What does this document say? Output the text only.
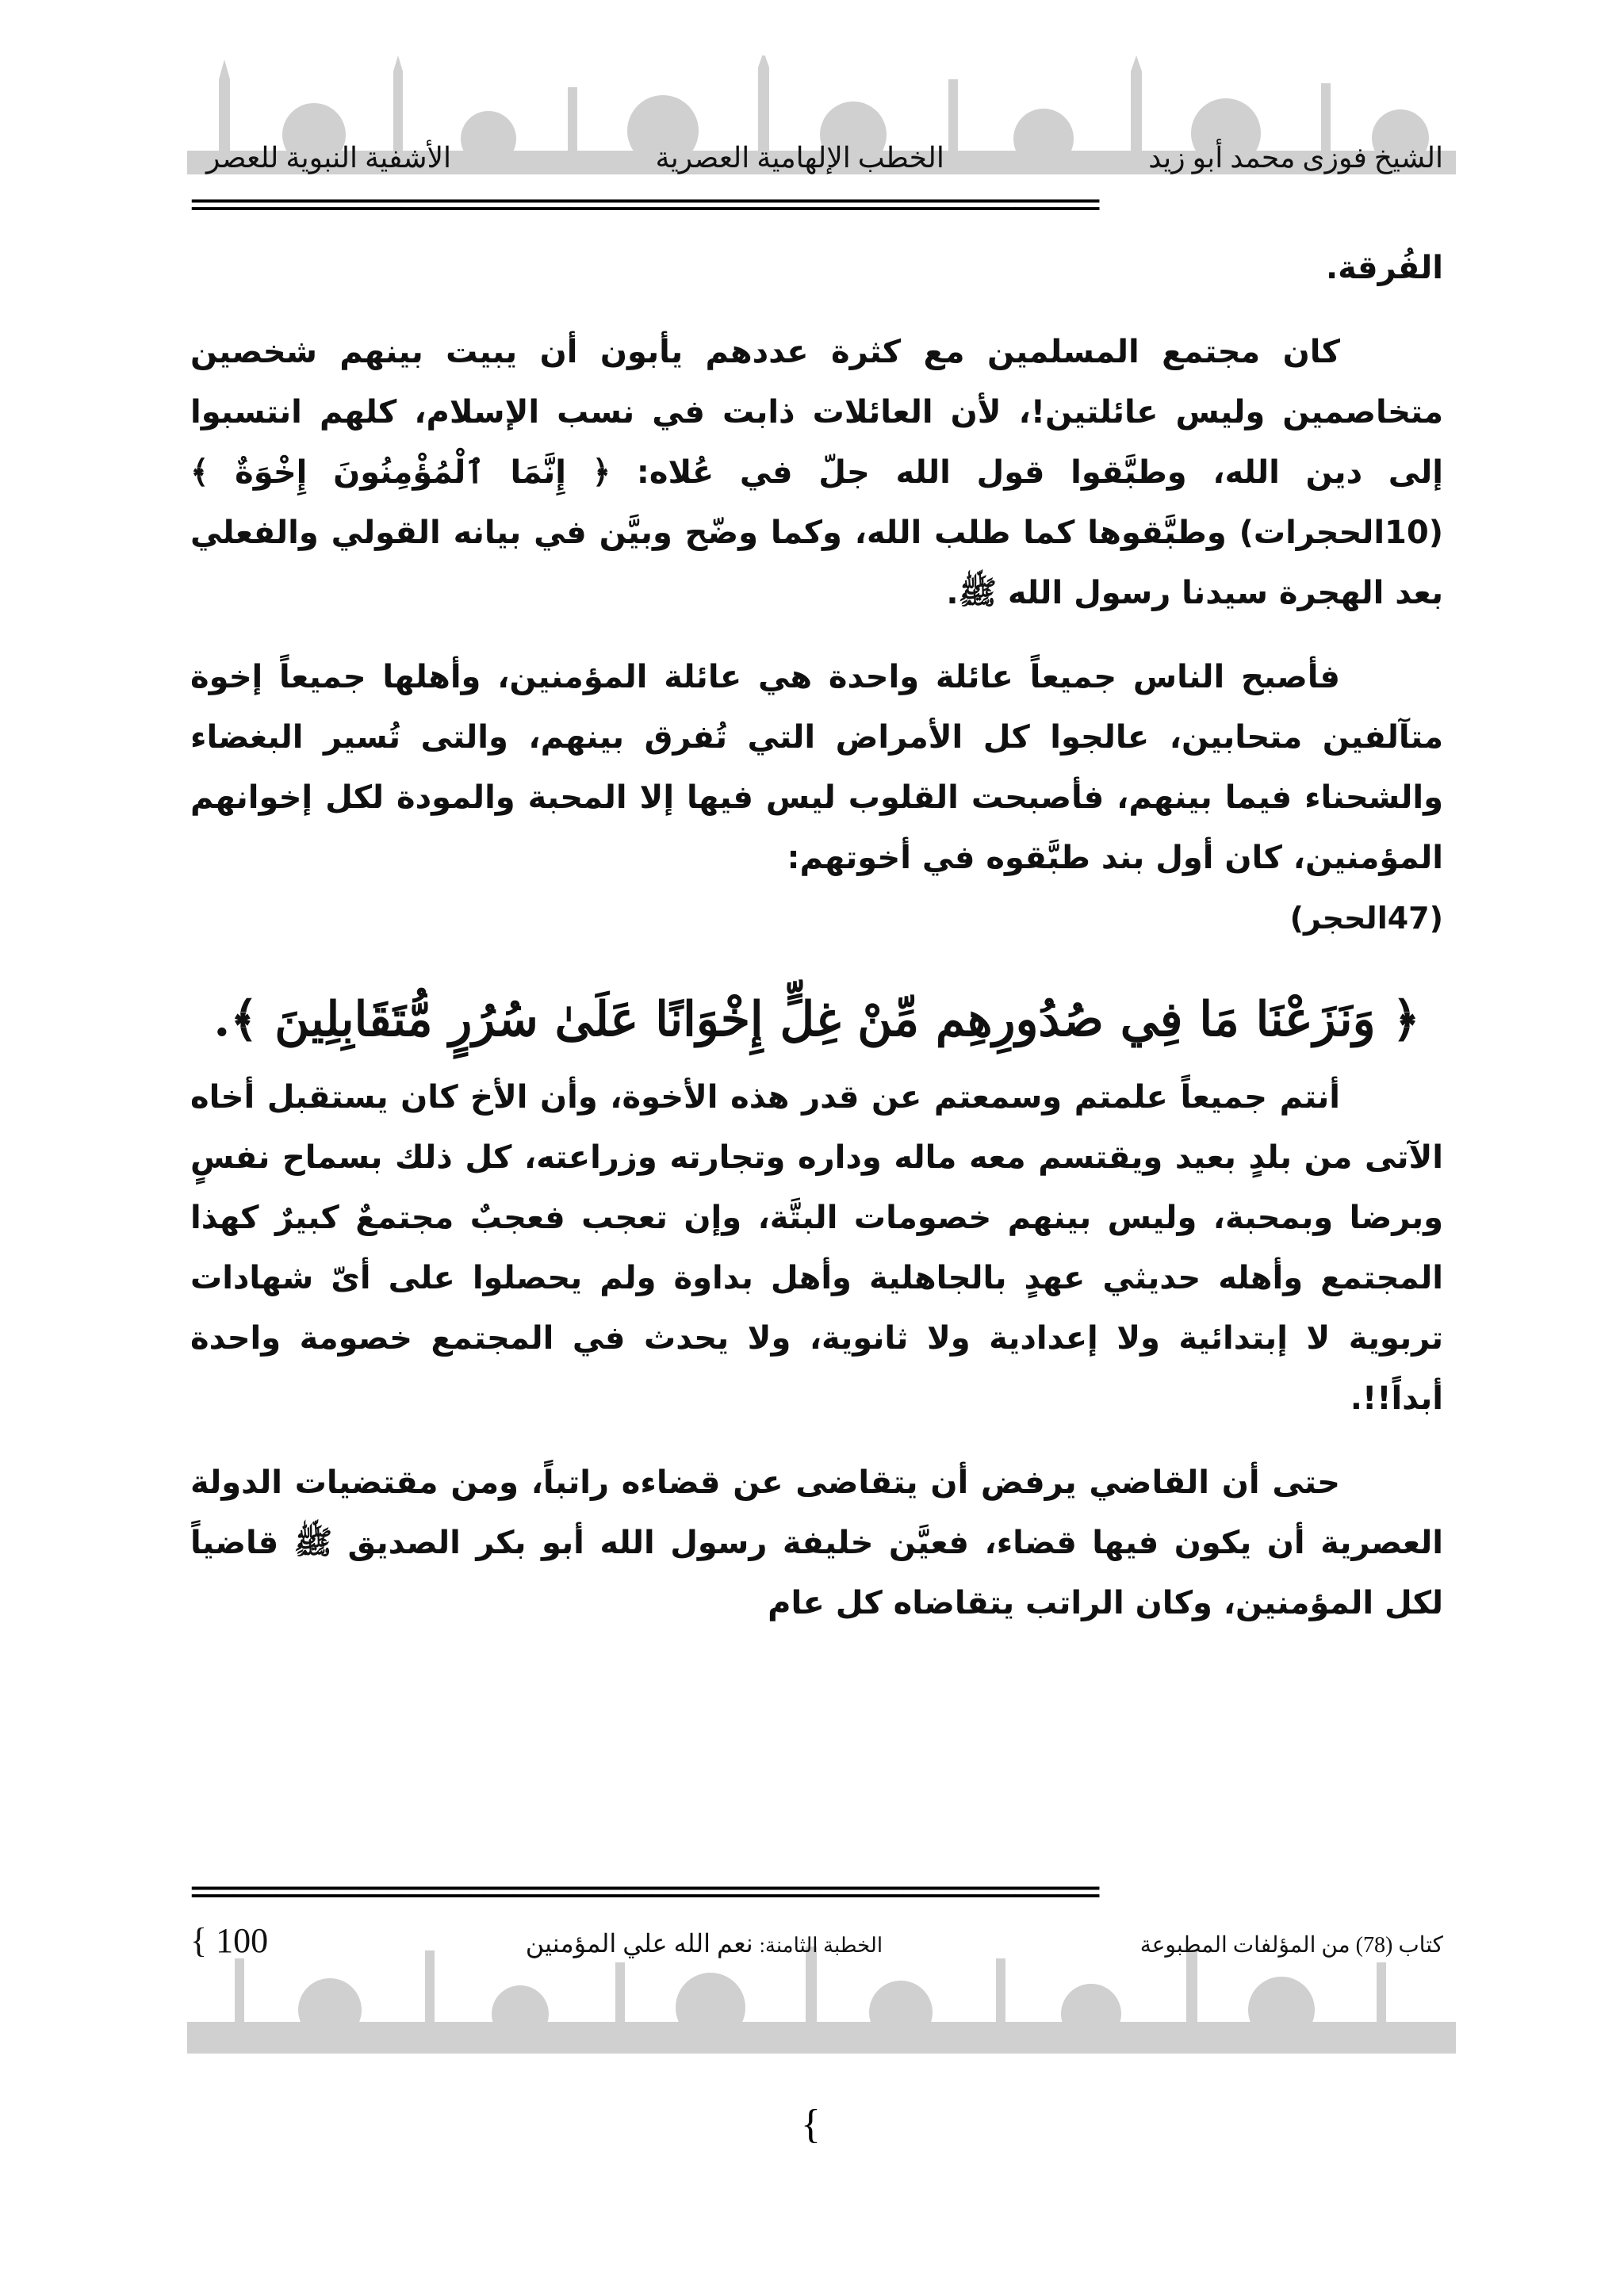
الشيخ فوزى محمد أبو زيد
الخطب الإلهامية العصرية
الأشفية النبوية للعصر
=================================================================

الفُرقة.

كان مجتمع المسلمين مع كثرة عددهم يأبون أن يبيت بينهم شخصين متخاصمين وليس عائلتين!، لأن العائلات ذابت في نسب الإسلام، كلهم انتسبوا إلى دين الله، وطبَّقوا قول الله جلّ في عُلاه: ﴿ إِنَّمَا ٱلْمُؤْمِنُونَ إِخْوَةٌ ﴾ (10الحجرات) وطبَّقوها كما طلب الله، وكما وضّح وبيَّن في بيانه القولي والفعلي بعد الهجرة سيدنا رسول الله ﷺ.

فأصبح الناس جميعاً عائلة واحدة هي عائلة المؤمنين، وأهلها جميعاً إخوة متآلفين متحابين، عالجوا كل الأمراض التي تُفرق بينهم، والتى تُسير البغضاء والشحناء فيما بينهم، فأصبحت القلوب ليس فيها إلا المحبة والمودة لكل إخوانهم المؤمنين، كان أول بند طبَّقوه في أخوتهم:

(47الحجر)

﴿ وَنَزَعْنَا مَا فِي صُدُورِهِم مِّنْ غِلٍّ إِخْوَانًا عَلَىٰ سُرُرٍ مُّتَقَابِلِينَ ﴾.

أنتم جميعاً علمتم وسمعتم عن قدر هذه الأخوة، وأن الأخ كان يستقبل أخاه الآتى من بلدٍ بعيد ويقتسم معه ماله وداره وتجارته وزراعته، كل ذلك بسماح نفسٍ وبرضا وبمحبة، وليس بينهم خصومات البتَّة، وإن تعجب فعجبٌ مجتمعٌ كبيرٌ كهذا المجتمع وأهله حديثي عهدٍ بالجاهلية وأهل بداوة ولم يحصلوا على أىّ شهادات تربوية لا إبتدائية ولا إعدادية ولا ثانوية، ولا يحدث في المجتمع خصومة واحدة أبداً!!.

حتى أن القاضي يرفض أن يتقاضى عن قضاءه راتباً، ومن مقتضيات الدولة العصرية أن يكون فيها قضاء، فعيَّن خليفة رسول الله أبو بكر الصديق ﷺ قاضياً لكل المؤمنين، وكان الراتب يتقاضاه كل عام

=================================================================
كتاب (78) من المؤلفات المطبوعة
الخطبة الثامنة: نعم الله علي المؤمنين
{ 100
{
